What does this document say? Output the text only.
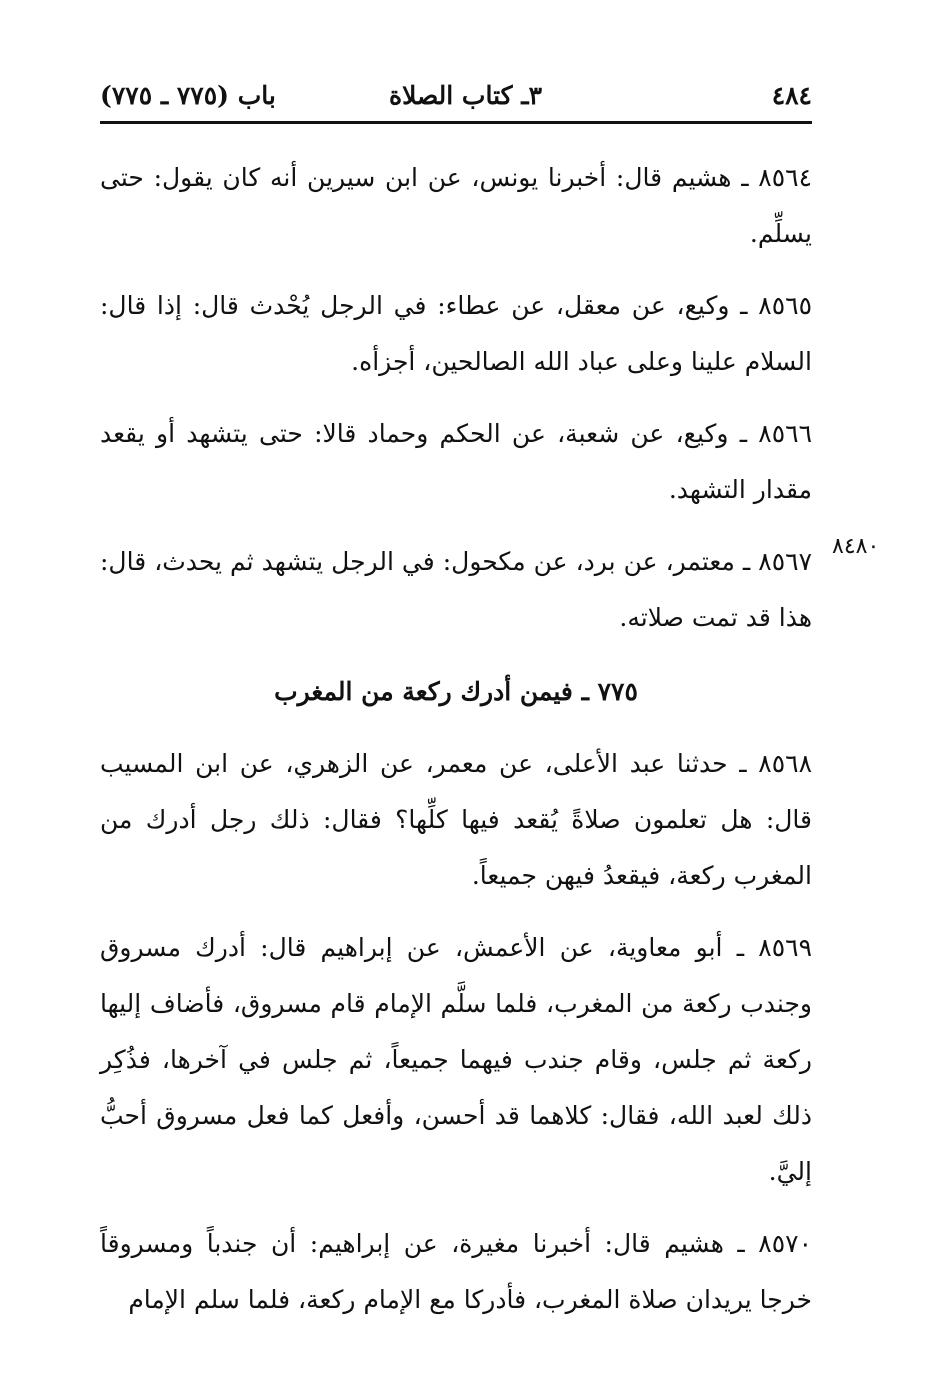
٤٨٤
٣ـ كتاب الصلاة
باب (٧٧٥ ـ ٧٧٥)
٨٤٨٠

٨٥٦٤ ـ هشيم قال: أخبرنا يونس، عن ابن سيرين أنه كان يقول: حتى يسلِّم.

٨٥٦٥ ـ وكيع، عن معقل، عن عطاء: في الرجل يُحْدث قال: إذا قال: السلام علينا وعلى عباد الله الصالحين، أجزأه.

٨٥٦٦ ـ وكيع، عن شعبة، عن الحكم وحماد قالا: حتى يتشهد أو يقعد مقدار التشهد.

٨٥٦٧ ـ معتمر، عن برد، عن مكحول: في الرجل يتشهد ثم يحدث، قال: هذا قد تمت صلاته.

٧٧٥ ـ فيمن أدرك ركعة من المغرب

٨٥٦٨ ـ حدثنا عبد الأعلى، عن معمر، عن الزهري، عن ابن المسيب قال: هل تعلمون صلاةً يُقعد فيها كلِّها؟ فقال: ذلك رجل أدرك من المغرب ركعة، فيقعدُ فيهن جميعاً.

٨٥٦٩ ـ أبو معاوية، عن الأعمش، عن إبراهيم قال: أدرك مسروق وجندب ركعة من المغرب، فلما سلَّم الإمام قام مسروق، فأضاف إليها ركعة ثم جلس، وقام جندب فيهما جميعاً، ثم جلس في آخرها، فذُكِر ذلك لعبد الله، فقال: كلاهما قد أحسن، وأفعل كما فعل مسروق أحبُّ إليَّ.

٨٥٧٠ ـ هشيم قال: أخبرنا مغيرة، عن إبراهيم: أن جندباً ومسروقاً خرجا يريدان صلاة المغرب، فأدركا مع الإمام ركعة، فلما سلم الإمام
